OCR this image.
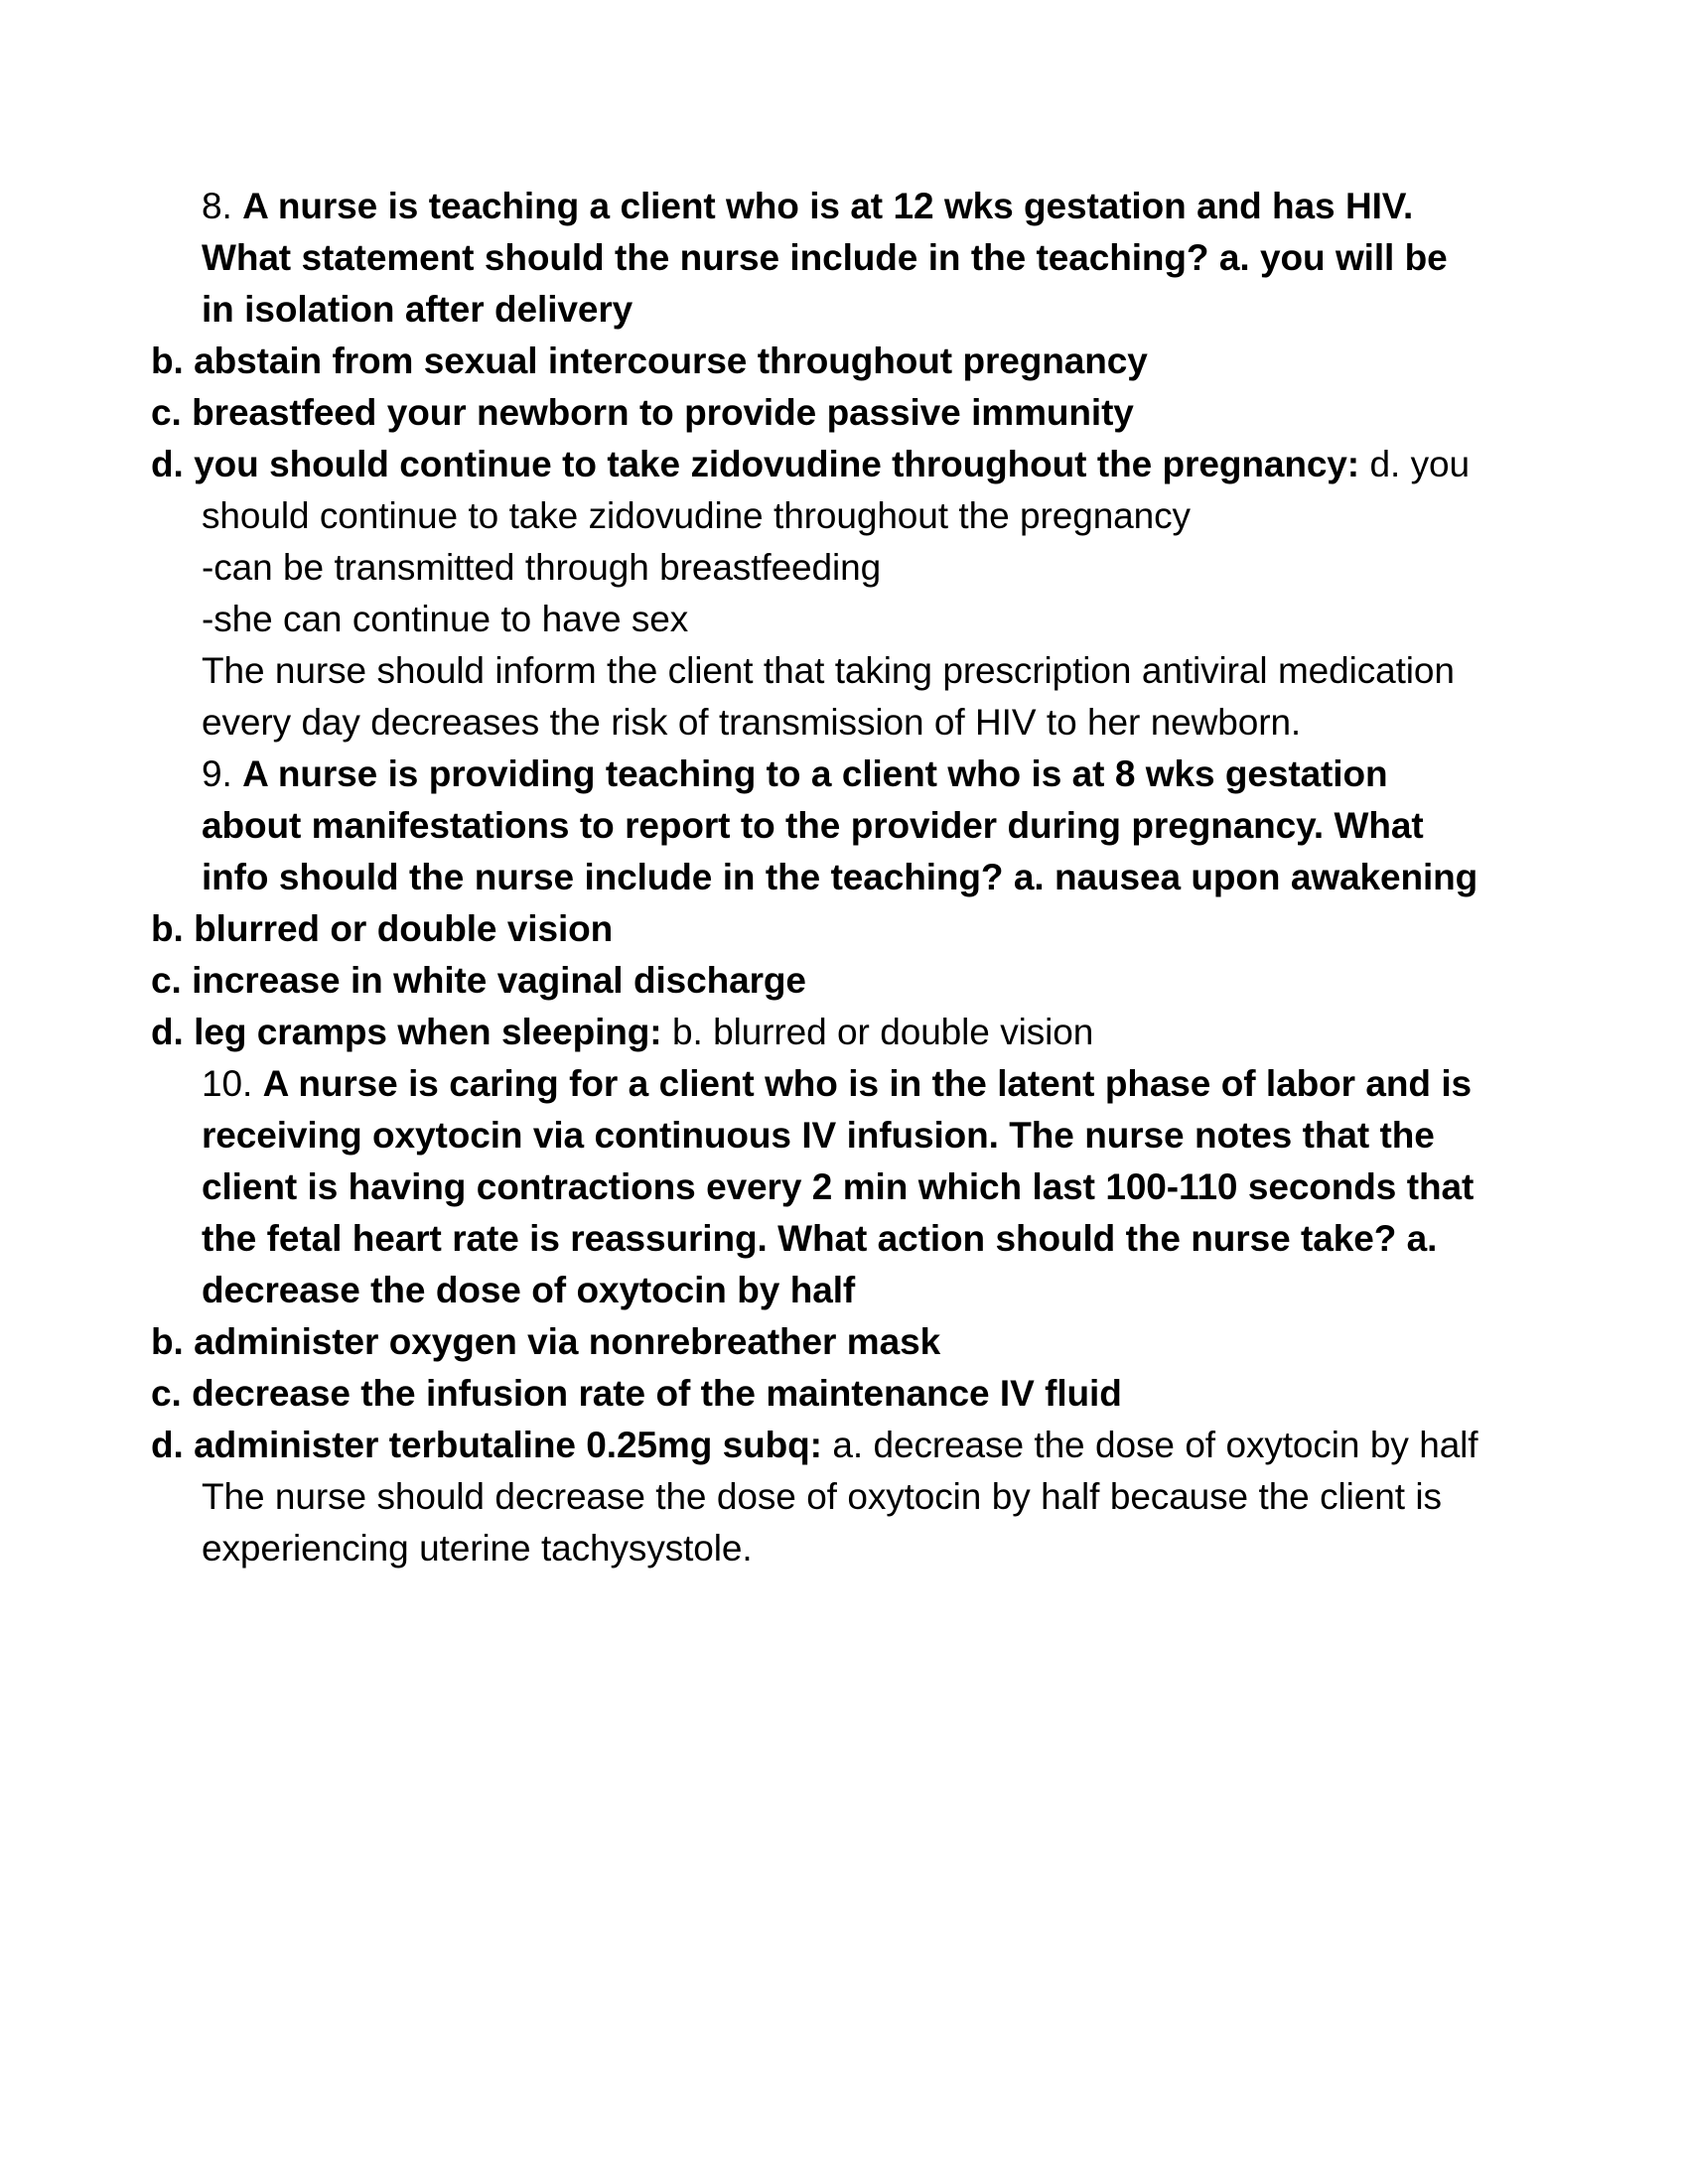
8. A nurse is teaching a client who is at 12 wks gestation and has HIV. What statement should the nurse include in the teaching? a. you will be in isolation after delivery

b. abstain from sexual intercourse throughout pregnancy

c. breastfeed your newborn to provide passive immunity

d. you should continue to take zidovudine throughout the pregnancy: d. you should continue to take zidovudine throughout the pregnancy

-can be transmitted through breastfeeding

-she can continue to have sex

The nurse should inform the client that taking prescription antiviral medication every day decreases the risk of transmission of HIV to her newborn.

9. A nurse is providing teaching to a client who is at 8 wks gestation about manifestations to report to the provider during pregnancy. What info should the nurse include in the teaching? a. nausea upon awakening

b. blurred or double vision

c. increase in white vaginal discharge

d. leg cramps when sleeping: b. blurred or double vision

10. A nurse is caring for a client who is in the latent phase of labor and is receiving oxytocin via continuous IV infusion. The nurse notes that the client is having contractions every 2 min which last 100-110 seconds that the fetal heart rate is reassuring. What action should the nurse take? a. decrease the dose of oxytocin by half

b. administer oxygen via nonrebreather mask

c. decrease the infusion rate of the maintenance IV fluid

d. administer terbutaline 0.25mg subq: a. decrease the dose of oxytocin by half

The nurse should decrease the dose of oxytocin by half because the client is experiencing uterine tachysystole.
